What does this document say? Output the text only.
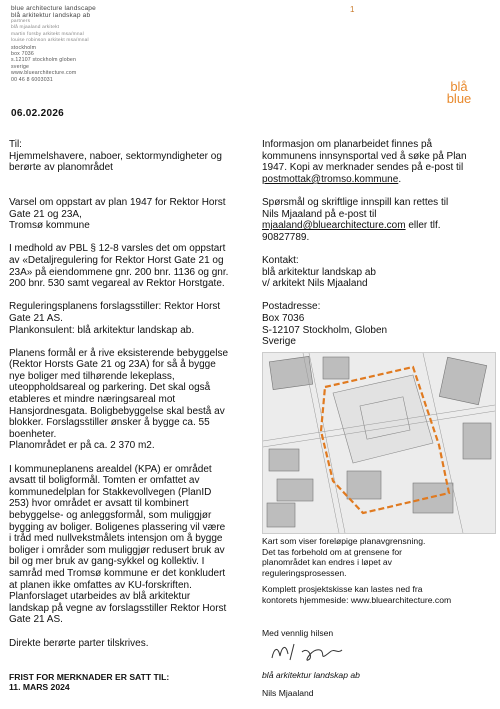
blue architecture landscape
blå arkitektur landskap ab
partners
blå mjaaland arkitekt
martin forsby arkitekt msa/mnal
louise robinson arkitekt msa/mnal
stockholm
box 7036
s.12107 stockholm globen
sverige
www.bluearchitecture.com
00 46 8 6003031
1
blå
blue
06.02.2026

Til:
Hjemmelshavere, naboer, sektormyndigheter og
berørte av planområdet

Varsel om oppstart av plan 1947 for Rektor Horst
Gate 21 og 23A,
Tromsø kommune

I medhold av PBL § 12-8 varsles det om oppstart
av «Detaljregulering for Rektor Horst Gate 21 og
23A» på eiendommene gnr. 200 bnr. 1136 og gnr.
200 bnr. 530 samt vegareal av Rektor Horstgate.

Reguleringsplanens forslagsstiller: Rektor Horst
Gate 21 AS.
Plankonsulent: blå arkitektur landskap ab.

Planens formål er å rive eksisterende bebyggelse
(Rektor Horsts Gate 21 og 23A) for så å bygge
nye boliger med tilhørende lekeplass,
uteoppholdsareal og parkering. Det skal også
etableres et mindre næringsareal mot
Hansjordnesgata. Boligbebyggelse skal bestå av
blokker. Forslagsstiller ønsker å bygge ca. 55
boenheter.
Planområdet er på ca. 2 370 m2.

I kommuneplanens arealdel (KPA) er området
avsatt til boligformål. Tomten er omfattet av
kommunedelplan for Stakkevollvegen (PlanID
253) hvor området er avsatt til kombinert
bebyggelse- og anleggsformål, som muliggjør
bygging av boliger. Boligenes plassering vil være
i tråd med nullvekstmålets intensjon om å bygge
boliger i områder som muliggjør redusert bruk av
bil og mer bruk av gang-sykkel og kollektiv. I
samråd med Tromsø kommune er det konkludert
at planen ikke omfattes av KU-forskriften.
Planforslaget utarbeides av blå arkitektur
landskap på vegne av forslagsstiller Rektor Horst
Gate 21 AS.

Direkte berørte parter tilskrives.

FRIST FOR MERKNADER ER SATT TIL:
11. MARS 2024

Informasjon om planarbeidet finnes på
kommunens innsynsportal ved å søke på Plan
1947. Kopi av merknader sendes på e-post til
postmottak@tromso.kommune.

Spørsmål og skriftlige innspill kan rettes til
Nils Mjaaland på e-post til
mjaaland@bluearchitecture.com eller tlf.
90827789.

Kontakt:
blå arkitektur landskap ab
v/ arkitekt Nils Mjaaland

Postadresse:
Box 7036
S-12107 Stockholm, Globen
Sverige

Kart som viser foreløpige planavgrensning.
Det tas forbehold om at grensene for
planområdet kan endres i løpet av
reguleringsprosessen.
Komplett prosjektskisse kan lastes ned fra
kontorets hjemmeside: www.bluearchitecture.com
Med vennlig hilsen
blå arkitektur landskap ab
Nils Mjaaland
